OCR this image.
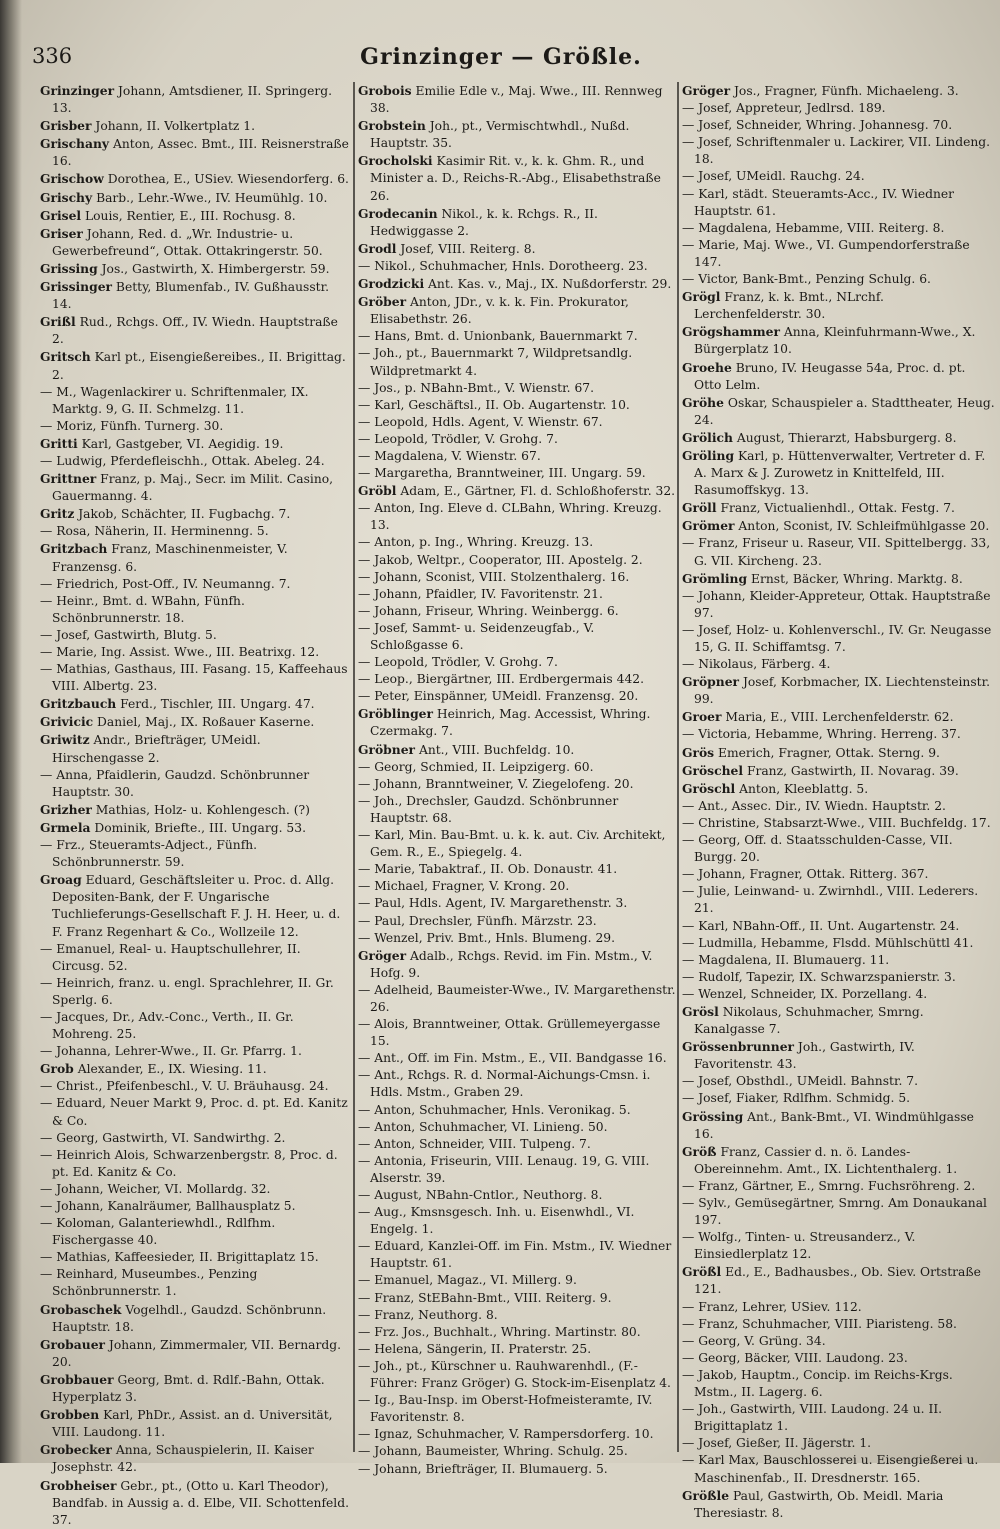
336	Grinzinger — Größle.

Grinzinger Johann, Amtsdiener, II. Springerg. 13.

Grisber Johann, II. Volkertplatz 1.

Grischany Anton, Assec. Bmt., III. Reisnerstraße 16.

Grischow Dorothea, E., USiev. Wiesendorferg. 6.

Grischy Barb., Lehr.-Wwe., IV. Heumühlg. 10.

Grisel Louis, Rentier, E., III. Rochusg. 8.

Griser Johann, Red. d. „Wr. Industrie- u. Gewerbefreund“, Ottak. Ottakringerstr. 50.

Grissing Jos., Gastwirth, X. Himbergerstr. 59.

Grissinger Betty, Blumenfab., IV. Gußhausstr. 14.

Grißl Rud., Rchgs. Off., IV. Wiedn. Hauptstraße 2.

Gritsch Karl pt., Eisengießereibes., II. Brigittag. 2.

— M., Wagenlackirer u. Schriftenmaler, IX. Marktg. 9, G. II. Schmelzg. 11.

— Moriz, Fünfh. Turnerg. 30.

Gritti Karl, Gastgeber, VI. Aegidig. 19.

— Ludwig, Pferdefleischh., Ottak. Abeleg. 24.

Grittner Franz, p. Maj., Secr. im Milit. Casino, Gauermanng. 4.

Gritz Jakob, Schächter, II. Fugbachg. 7.

— Rosa, Näherin, II. Herminenng. 5.

Gritzbach Franz, Maschinenmeister, V. Franzensg. 6.

— Friedrich, Post-Off., IV. Neumanng. 7.

— Heinr., Bmt. d. WBahn, Fünfh. Schönbrunnerstr. 18.

— Josef, Gastwirth, Blutg. 5.

— Marie, Ing. Assist. Wwe., III. Beatrixg. 12.

— Mathias, Gasthaus, III. Fasang. 15, Kaffeehaus VIII. Albertg. 23.

Gritzbauch Ferd., Tischler, III. Ungarg. 47.

Grivicic Daniel, Maj., IX. Roßauer Kaserne.

Griwitz Andr., Briefträger, UMeidl. Hirschengasse 2.

— Anna, Pfaidlerin, Gaudzd. Schönbrunner Hauptstr. 30.

Grizher Mathias, Holz- u. Kohlengesch. (?)

Grmela Dominik, Briefte., III. Ungarg. 53.

— Frz., Steueramts-Adject., Fünfh. Schönbrunnerstr. 59.

Groag Eduard, Geschäftsleiter u. Proc. d. Allg. Depositen-Bank, der F. Ungarische Tuchlieferungs-Gesellschaft F. J. H. Heer, u. d. F. Franz Regenhart & Co., Wollzeile 12.

— Emanuel, Real- u. Hauptschullehrer, II. Circusg. 52.

— Heinrich, franz. u. engl. Sprachlehrer, II. Gr. Sperlg. 6.

— Jacques, Dr., Adv.-Conc., Verth., II. Gr. Mohreng. 25.

— Johanna, Lehrer-Wwe., II. Gr. Pfarrg. 1.

Grob Alexander, E., IX. Wiesing. 11.

— Christ., Pfeifenbeschl., V. U. Bräuhausg. 24.

— Eduard, Neuer Markt 9, Proc. d. pt. Ed. Kanitz & Co.

— Georg, Gastwirth, VI. Sandwirthg. 2.

— Heinrich Alois, Schwarzenbergstr. 8, Proc. d. pt. Ed. Kanitz & Co.

— Johann, Weicher, VI. Mollardg. 32.

— Johann, Kanalräumer, Ballhausplatz 5.

— Koloman, Galanteriewhdl., Rdlfhm. Fischergasse 40.

— Mathias, Kaffeesieder, II. Brigittaplatz 15.

— Reinhard, Museumbes., Penzing Schönbrunnerstr. 1.

Grobaschek Vogelhdl., Gaudzd. Schönbrunn. Hauptstr. 18.

Grobauer Johann, Zimmermaler, VII. Bernardg. 20.

Grobbauer Georg, Bmt. d. Rdlf.-Bahn, Ottak. Hyperplatz 3.

Grobben Karl, PhDr., Assist. an d. Universität, VIII. Laudong. 11.

Grobecker Anna, Schauspielerin, II. Kaiser Josephstr. 42.

Grobheiser Gebr., pt., (Otto u. Karl Theodor), Bandfab. in Aussig a. d. Elbe, VII. Schottenfeld. 37.

Grobois Emilie Edle v., Maj. Wwe., III. Rennweg 38.

Grobstein Joh., pt., Vermischtwhdl., Nußd. Hauptstr. 35.

Grocholski Kasimir Rit. v., k. k. Ghm. R., und Minister a. D., Reichs-R.-Abg., Elisabethstraße 26.

Grodecanin Nikol., k. k. Rchgs. R., II. Hedwiggasse 2.

Grodl Josef, VIII. Reiterg. 8.

— Nikol., Schuhmacher, Hnls. Dorotheerg. 23.

Grodzicki Ant. Kas. v., Maj., IX. Nußdorferstr. 29.

Gröber Anton, JDr., v. k. k. Fin. Prokurator, Elisabethstr. 26.

— Hans, Bmt. d. Unionbank, Bauernmarkt 7.

— Joh., pt., Bauernmarkt 7, Wildpretsandlg. Wildpretmarkt 4.

— Jos., p. NBahn-Bmt., V. Wienstr. 67.

— Karl, Geschäftsl., II. Ob. Augartenstr. 10.

— Leopold, Hdls. Agent, V. Wienstr. 67.

— Leopold, Trödler, V. Grohg. 7.

— Magdalena, V. Wienstr. 67.

— Margaretha, Branntweiner, III. Ungarg. 59.

Gröbl Adam, E., Gärtner, Fl. d. Schloßhoferstr. 32.

— Anton, Ing. Eleve d. CLBahn, Whring. Kreuzg. 13.

— Anton, p. Ing., Whring. Kreuzg. 13.

— Jakob, Weltpr., Cooperator, III. Apostelg. 2.

— Johann, Sconist, VIII. Stolzenthalerg. 16.

— Johann, Pfaidler, IV. Favoritenstr. 21.

— Johann, Friseur, Whring. Weinbergg. 6.

— Josef, Sammt- u. Seidenzeugfab., V. Schloßgasse 6.

— Leopold, Trödler, V. Grohg. 7.

— Leop., Biergärtner, III. Erdbergermais 442.

— Peter, Einspänner, UMeidl. Franzensg. 20.

Gröblinger Heinrich, Mag. Accessist, Whring. Czermakg. 7.

Gröbner Ant., VIII. Buchfeldg. 10.

— Georg, Schmied, II. Leipzigerg. 60.

— Johann, Branntweiner, V. Ziegelofeng. 20.

— Joh., Drechsler, Gaudzd. Schönbrunner Hauptstr. 68.

— Karl, Min. Bau-Bmt. u. k. k. aut. Civ. Architekt, Gem. R., E., Spiegelg. 4.

— Marie, Tabaktraf., II. Ob. Donaustr. 41.

— Michael, Fragner, V. Krong. 20.

— Paul, Hdls. Agent, IV. Margarethenstr. 3.

— Paul, Drechsler, Fünfh. Märzstr. 23.

— Wenzel, Priv. Bmt., Hnls. Blumeng. 29.

Gröger Adalb., Rchgs. Revid. im Fin. Mstm., V. Hofg. 9.

— Adelheid, Baumeister-Wwe., IV. Margarethenstr. 26.

— Alois, Branntweiner, Ottak. Grüllemeyergasse 15.

— Ant., Off. im Fin. Mstm., E., VII. Bandgasse 16.

— Ant., Rchgs. R. d. Normal-Aichungs-Cmsn. i. Hdls. Mstm., Graben 29.

— Anton, Schuhmacher, Hnls. Veronikag. 5.

— Anton, Schuhmacher, VI. Linieng. 50.

— Anton, Schneider, VIII. Tulpeng. 7.

— Antonia, Friseurin, VIII. Lenaug. 19, G. VIII. Alserstr. 39.

— August, NBahn-Cntlor., Neuthorg. 8.

— Aug., Kmsnsgesch. Inh. u. Eisenwhdl., VI. Engelg. 1.

— Eduard, Kanzlei-Off. im Fin. Mstm., IV. Wiedner Hauptstr. 61.

— Emanuel, Magaz., VI. Millerg. 9.

— Franz, StEBahn-Bmt., VIII. Reiterg. 9.

— Franz, Neuthorg. 8.

— Frz. Jos., Buchhalt., Whring. Martinstr. 80.

— Helena, Sängerin, II. Praterstr. 25.

— Joh., pt., Kürschner u. Rauhwarenhdl., (F.-Führer: Franz Gröger) G. Stock-im-Eisenplatz 4.

— Ig., Bau-Insp. im Oberst-Hofmeisteramte, IV. Favoritenstr. 8.

— Ignaz, Schuhmacher, V. Rampersdorferg. 10.

— Johann, Baumeister, Whring. Schulg. 25.

— Johann, Briefträger, II. Blumauerg. 5.

Gröger Jos., Fragner, Fünfh. Michaeleng. 3.

— Josef, Appreteur, Jedlrsd. 189.

— Josef, Schneider, Whring. Johannesg. 70.

— Josef, Schriftenmaler u. Lackirer, VII. Lindeng. 18.

— Josef, UMeidl. Rauchg. 24.

— Karl, städt. Steueramts-Acc., IV. Wiedner Hauptstr. 61.

— Magdalena, Hebamme, VIII. Reiterg. 8.

— Marie, Maj. Wwe., VI. Gumpendorferstraße 147.

— Victor, Bank-Bmt., Penzing Schulg. 6.

Grögl Franz, k. k. Bmt., NLrchf. Lerchenfelderstr. 30.

Grögshammer Anna, Kleinfuhrmann-Wwe., X. Bürgerplatz 10.

Groehe Bruno, IV. Heugasse 54a, Proc. d. pt. Otto Lelm.

Gröhe Oskar, Schauspieler a. Stadttheater, Heug. 24.

Grölich August, Thierarzt, Habsburgerg. 8.

Gröling Karl, p. Hüttenverwalter, Vertreter d. F. A. Marx & J. Zurowetz in Knittelfeld, III. Rasumoffskyg. 13.

Gröll Franz, Victualienhdl., Ottak. Festg. 7.

Grömer Anton, Sconist, IV. Schleifmühlgasse 20.

— Franz, Friseur u. Raseur, VII. Spittelbergg. 33, G. VII. Kircheng. 23.

Grömling Ernst, Bäcker, Whring. Marktg. 8.

— Johann, Kleider-Appreteur, Ottak. Hauptstraße 97.

— Josef, Holz- u. Kohlenverschl., IV. Gr. Neugasse 15, G. II. Schiffamtsg. 7.

— Nikolaus, Färberg. 4.

Gröpner Josef, Korbmacher, IX. Liechtensteinstr. 99.

Groer Maria, E., VIII. Lerchenfelderstr. 62.

— Victoria, Hebamme, Whring. Herreng. 37.

Grös Emerich, Fragner, Ottak. Sterng. 9.

Gröschel Franz, Gastwirth, II. Novarag. 39.

Gröschl Anton, Kleeblattg. 5.

— Ant., Assec. Dir., IV. Wiedn. Hauptstr. 2.

— Christine, Stabsarzt-Wwe., VIII. Buchfeldg. 17.

— Georg, Off. d. Staatsschulden-Casse, VII. Burgg. 20.

— Johann, Fragner, Ottak. Ritterg. 367.

— Julie, Leinwand- u. Zwirnhdl., VIII. Lederers. 21.

— Karl, NBahn-Off., II. Unt. Augartenstr. 24.

— Ludmilla, Hebamme, Flsdd. Mühlschüttl 41.

— Magdalena, II. Blumauerg. 11.

— Rudolf, Tapezir, IX. Schwarzspanierstr. 3.

— Wenzel, Schneider, IX. Porzellang. 4.

Grösl Nikolaus, Schuhmacher, Smrng. Kanalgasse 7.

Grössenbrunner Joh., Gastwirth, IV. Favoritenstr. 43.

— Josef, Obsthdl., UMeidl. Bahnstr. 7.

— Josef, Fiaker, Rdlfhm. Schmidg. 5.

Grössing Ant., Bank-Bmt., VI. Windmühlgasse 16.

Größ Franz, Cassier d. n. ö. Landes-Obereinnehm. Amt., IX. Lichtenthalerg. 1.

— Franz, Gärtner, E., Smrng. Fuchsröhreng. 2.

— Sylv., Gemüsegärtner, Smrng. Am Donaukanal 197.

— Wolfg., Tinten- u. Streusanderz., V. Einsiedlerplatz 12.

Größl Ed., E., Badhausbes., Ob. Siev. Ortstraße 121.

— Franz, Lehrer, USiev. 112.

— Franz, Schuhmacher, VIII. Piaristeng. 58.

— Georg, V. Grüng. 34.

— Georg, Bäcker, VIII. Laudong. 23.

— Jakob, Hauptm., Concip. im Reichs-Krgs. Mstm., II. Lagerg. 6.

— Joh., Gastwirth, VIII. Laudong. 24 u. II. Brigittaplatz 1.

— Josef, Gießer, II. Jägerstr. 1.

— Karl Max, Bauschlosserei u. Eisengießerei u. Maschinenfab., II. Dresdnerstr. 165.

Größle Paul, Gastwirth, Ob. Meidl. Maria Theresiastr. 8.
